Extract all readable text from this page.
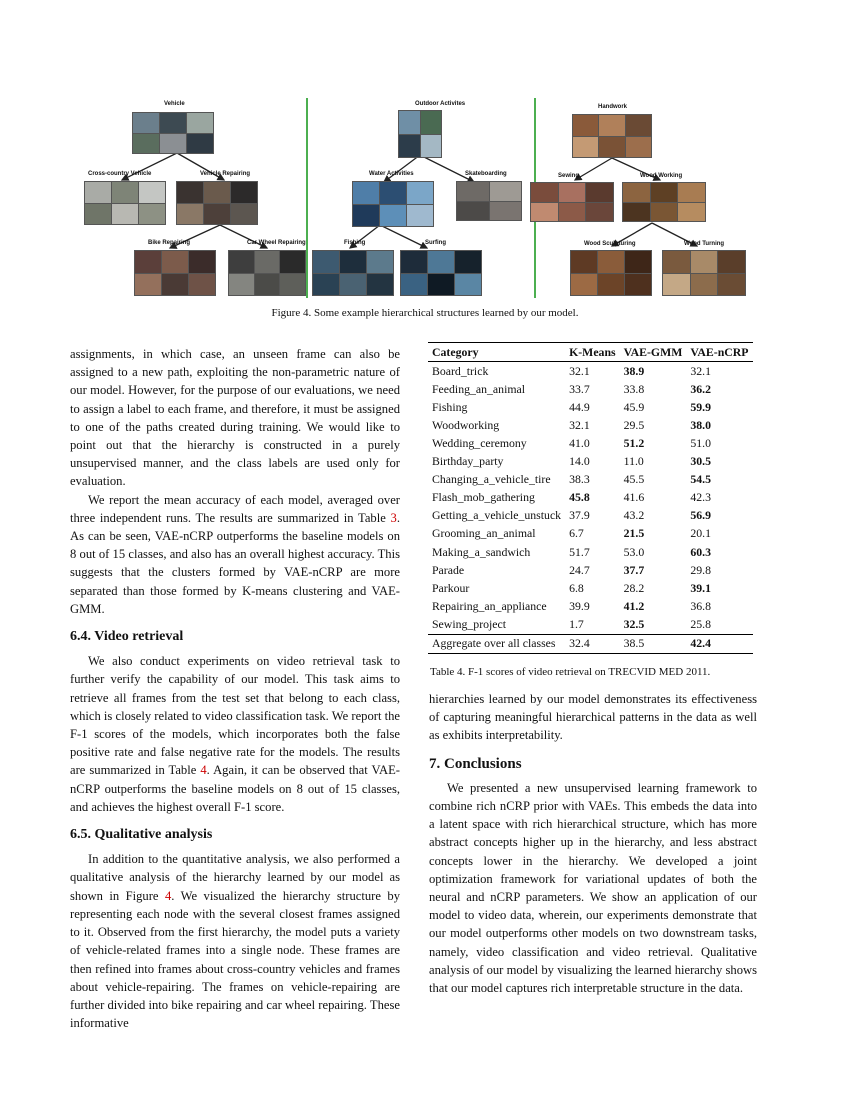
Vehicle
Cross-country Vehicle	Vehicle Repairing
Bike Repairing	Car Wheel Repairing
Outdoor Activites
Water Activities	Skateboarding
Fishing	Surfing
Handwork
Sewing	Wood Working
Wood Sculpturing	Wood Turning
Figure 4. Some example hierarchical structures learned by our model.

assignments, in which case, an unseen frame can also be assigned to a new path, exploiting the non-parametric nature of our model. However, for the purpose of our evaluations, we need to assign a label to each frame, and therefore, it must be assigned to one of the paths created during training. We would like to point out that the hierarchy is constructed in a purely unsupervised manner, and the class labels are used only for evaluation.

We report the mean accuracy of each model, averaged over three independent runs. The results are summarized in Table 3. As can be seen, VAE-nCRP outperforms the baseline models on 8 out of 15 classes, and also has an overall highest accuracy. This suggests that the clusters formed by VAE-nCRP are more separated than those formed by K-means clustering and VAE-GMM.

6.4. Video retrieval

We also conduct experiments on video retrieval task to further verify the capability of our model. This task aims to retrieve all frames from the test set that belong to each class, which is closely related to video classification task. We report the F-1 scores of the models, which incorporates both the false positive rate and false negative rate for the models. The results are summarized in Table 4. Again, it can be observed that VAE-nCRP outperforms the baseline models on 8 out of 15 classes, and achieves the highest overall F-1 score.

6.5. Qualitative analysis

In addition to the quantitative analysis, we also performed a qualitative analysis of the hierarchy learned by our model as shown in Figure 4. We visualized the hierarchy structure by representing each node with the several closest frames assigned to it. Observed from the first hierarchy, the model puts a variety of vehicle-related frames into a single node. These frames are then refined into frames about cross-country vehicles and frames about vehicle-repairing. The frames on vehicle-repairing are further divided into bike repairing and car wheel repairing. These informative

Category	K-Means	VAE-GMM	VAE-nCRP
Board_trick	32.1	38.9	32.1
Feeding_an_animal	33.7	33.8	36.2
Fishing	44.9	45.9	59.9
Woodworking	32.1	29.5	38.0
Wedding_ceremony	41.0	51.2	51.0
Birthday_party	14.0	11.0	30.5
Changing_a_vehicle_tire	38.3	45.5	54.5
Flash_mob_gathering	45.8	41.6	42.3
Getting_a_vehicle_unstuck	37.9	43.2	56.9
Grooming_an_animal	6.7	21.5	20.1
Making_a_sandwich	51.7	53.0	60.3
Parade	24.7	37.7	29.8
Parkour	6.8	28.2	39.1
Repairing_an_appliance	39.9	41.2	36.8
Sewing_project	1.7	32.5	25.8
Aggregate over all classes	32.4	38.5	42.4
Table 4. F-1 scores of video retrieval on TRECVID MED 2011.

hierarchies learned by our model demonstrates its effectiveness of capturing meaningful hierarchical patterns in the data as well as exhibits interpretability.

7. Conclusions

We presented a new unsupervised learning framework to combine rich nCRP prior with VAEs. This embeds the data into a latent space with rich hierarchical structure, which has more abstract concepts higher up in the hierarchy, and less abstract concepts lower in the hierarchy. We developed a joint optimization framework for variational updates of both the neural and nCRP parameters. We show an application of our model to video data, wherein, our experiments demonstrate that our model outperforms other models on two downstream tasks, namely, video classification and video retrieval. Qualitative analysis of our model by visualizing the learned hierarchy shows that our model captures rich interpretable structure in the data.
